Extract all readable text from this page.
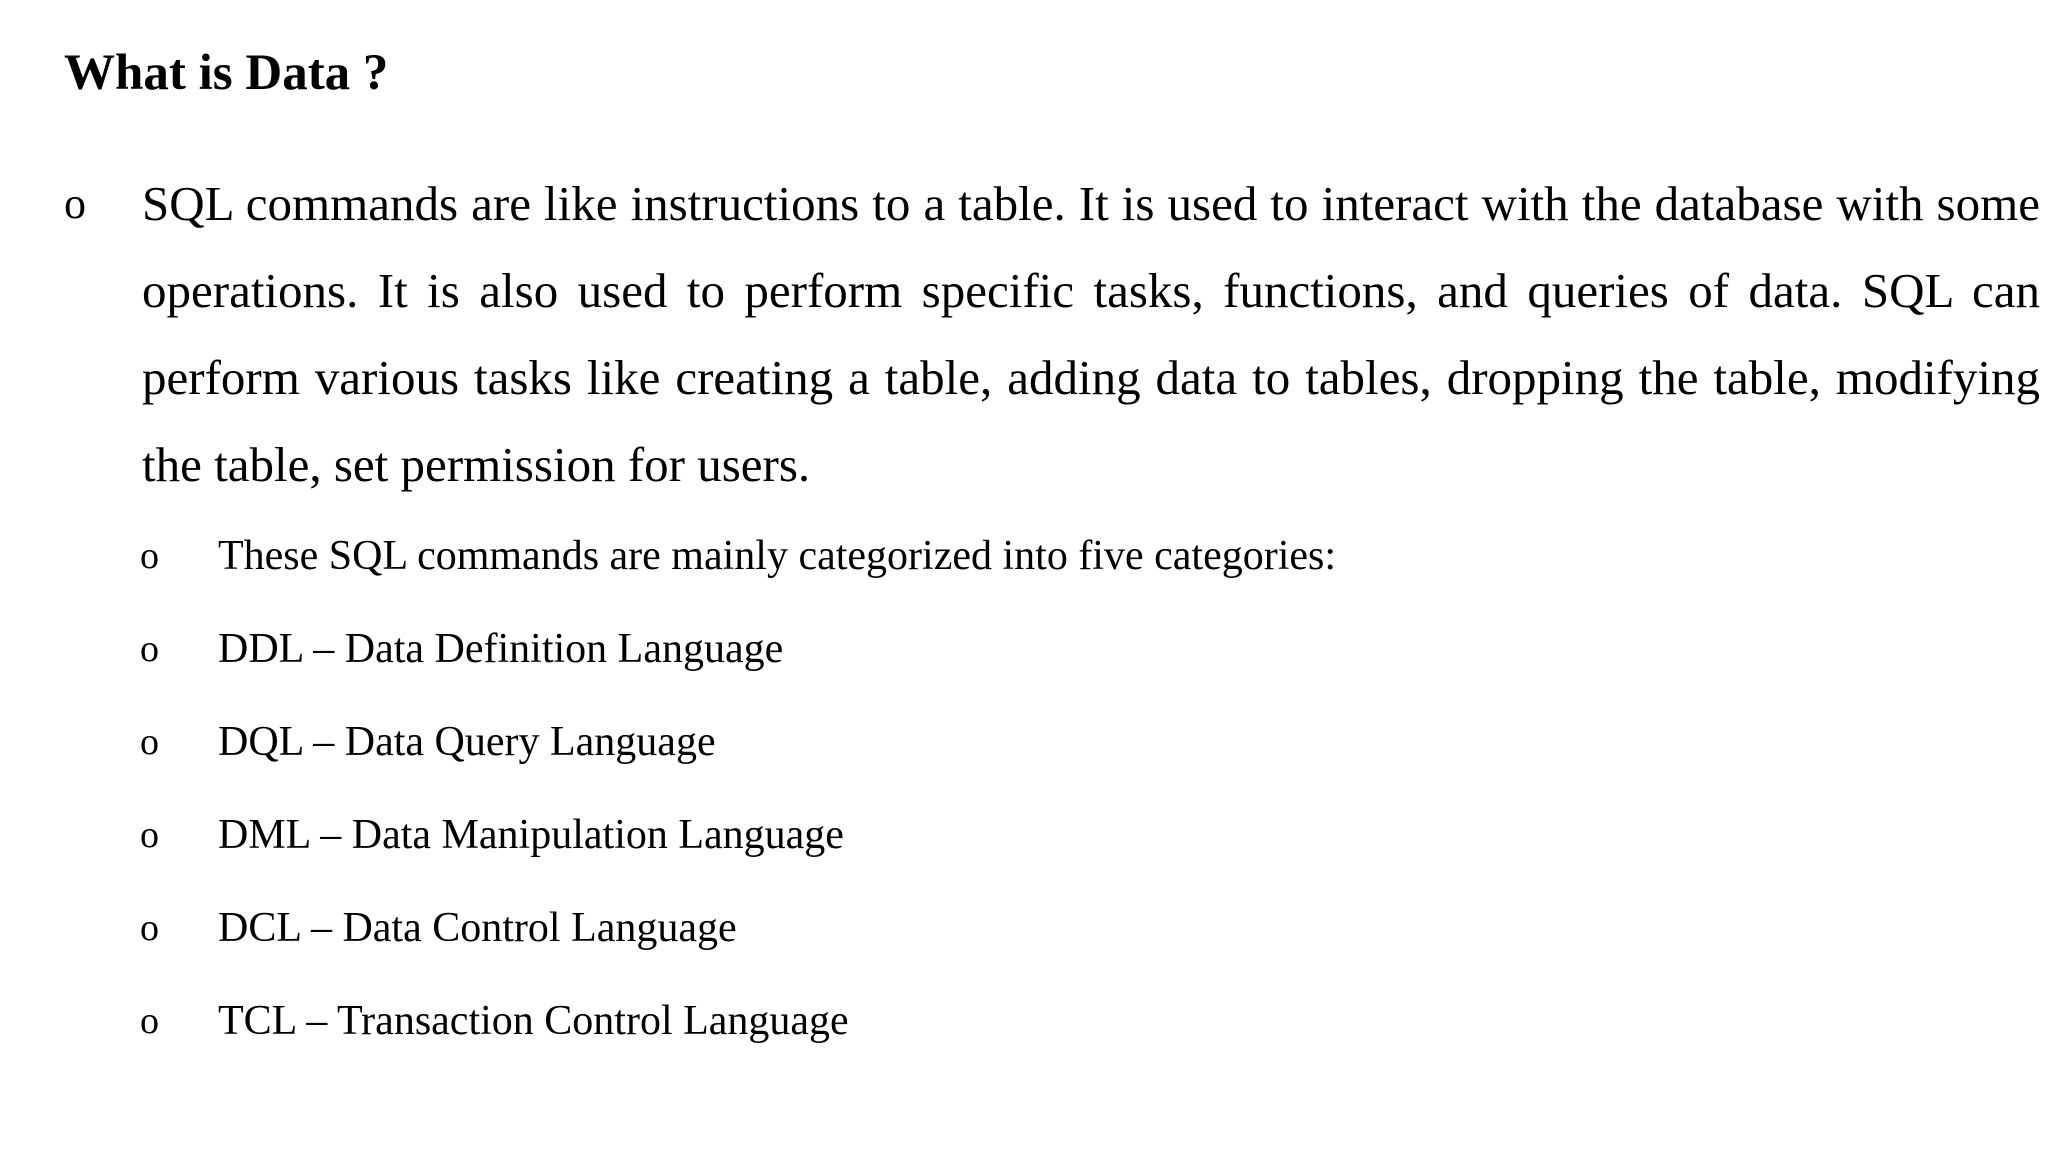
What is Data ?
o SQL commands are like instructions to a table. It is used to interact with the database with some operations. It is also used to perform specific tasks, functions, and queries of data. SQL can perform various tasks like creating a table, adding data to tables, dropping the table, modifying the table, set permission for users.
o These SQL commands are mainly categorized into five categories:
o DDL – Data Definition Language
o DQL – Data Query Language
o DML – Data Manipulation Language
o DCL – Data Control Language
o TCL – Transaction Control Language
